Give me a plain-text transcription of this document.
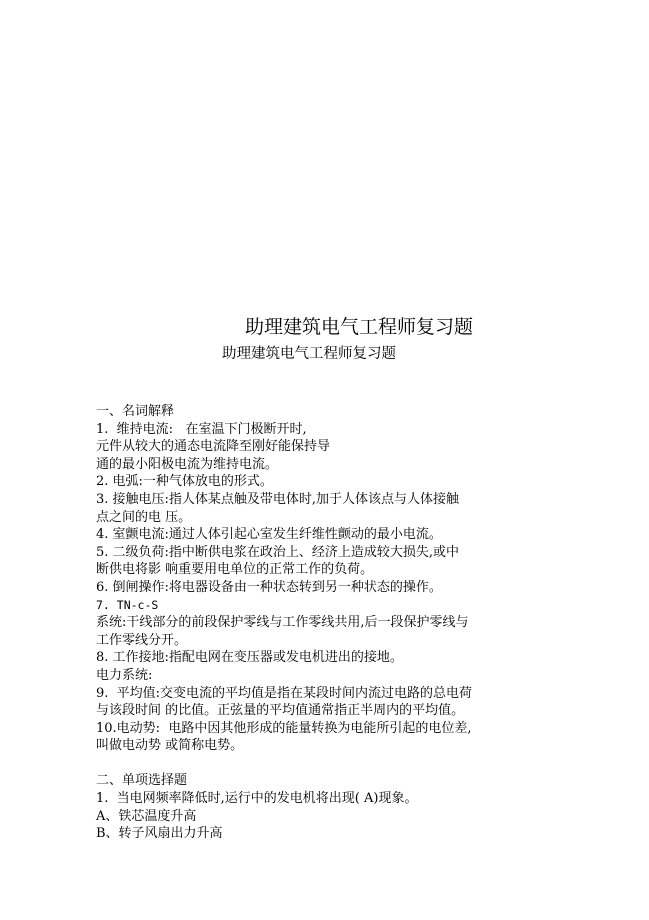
助理建筑电气工程师复习题
助理建筑电气工程师复习题
一、名词解释
1.  维持电流:   在室温下门极断开时,
元件从较大的通态电流降至刚好能保持导
通的最小阳极电流为维持电流。
2. 电弧:一种气体放电的形式。
3. 接触电压:指人体某点触及带电体时,加于人体该点与人体接触
点之间的电 压。
4. 室颤电流:通过人体引起心室发生纤维性颤动的最小电流。
5. 二级负荷:指中断供电浆在政治上、经济上造成较大损失,或中
断供电将影 响重要用电单位的正常工作的负荷。
6. 倒闸操作:将电器设备由一种状态转到另一种状态的操作。
7. TN-c-S
系统:干线部分的前段保护零线与工作零线共用,后一段保护零线与
工作零线分开。
8. 工作接地:指配电网在变压器或发电机进出的接地。
电力系统:
9.  平均值:交变电流的平均值是指在某段时间内流过电路的总电荷
与该段时间 的比值。正弦量的平均值通常指正半周内的平均值。
10.电动势:  电路中因其他形成的能量转换为电能所引起的电位差,
叫做电动势 或简称电势。
二、单项选择题
1.  当电网频率降低时,运行中的发电机将出现( A)现象。
A、铁芯温度升高
B、转子风扇出力升高
